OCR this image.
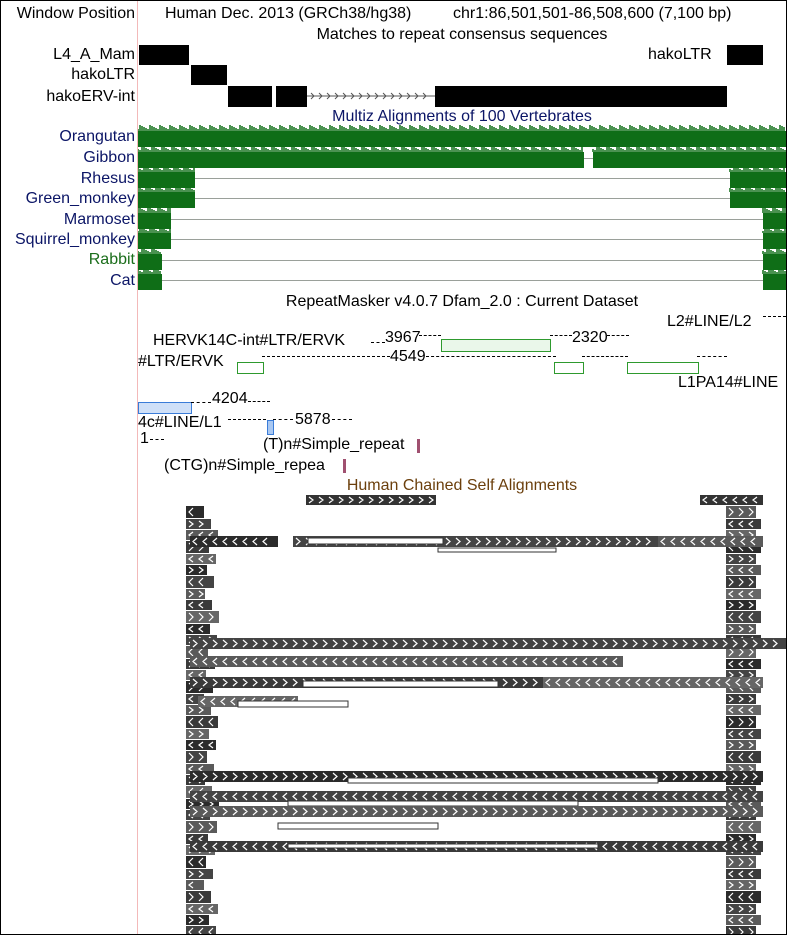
Window Position
L4_A_Mam
hakoLTR
hakoERV-int
Orangutan
Gibbon
Rhesus
Green_monkey
Marmoset
Squirrel_monkey
Rabbit
Cat
Human Dec. 2013 (GRCh38/hg38)	chr1:86,501,501-86,508,600 (7,100 bp)
Matches to repeat consensus sequences
hakoLTR
Multiz Alignments of 100 Vertebrates
RepeatMasker v4.0.7 Dfam_2.0 : Current Dataset
HERVK14C-int#LTR/ERVK 3967	2320
L2#LINE/L2
#LTR/ERVK	4549
L1PA14#LINE
4204
4c#LINE/L1	5878
1	(T)n#Simple_repeat
(CTG)n#Simple_repea
Human Chained Self Alignments
